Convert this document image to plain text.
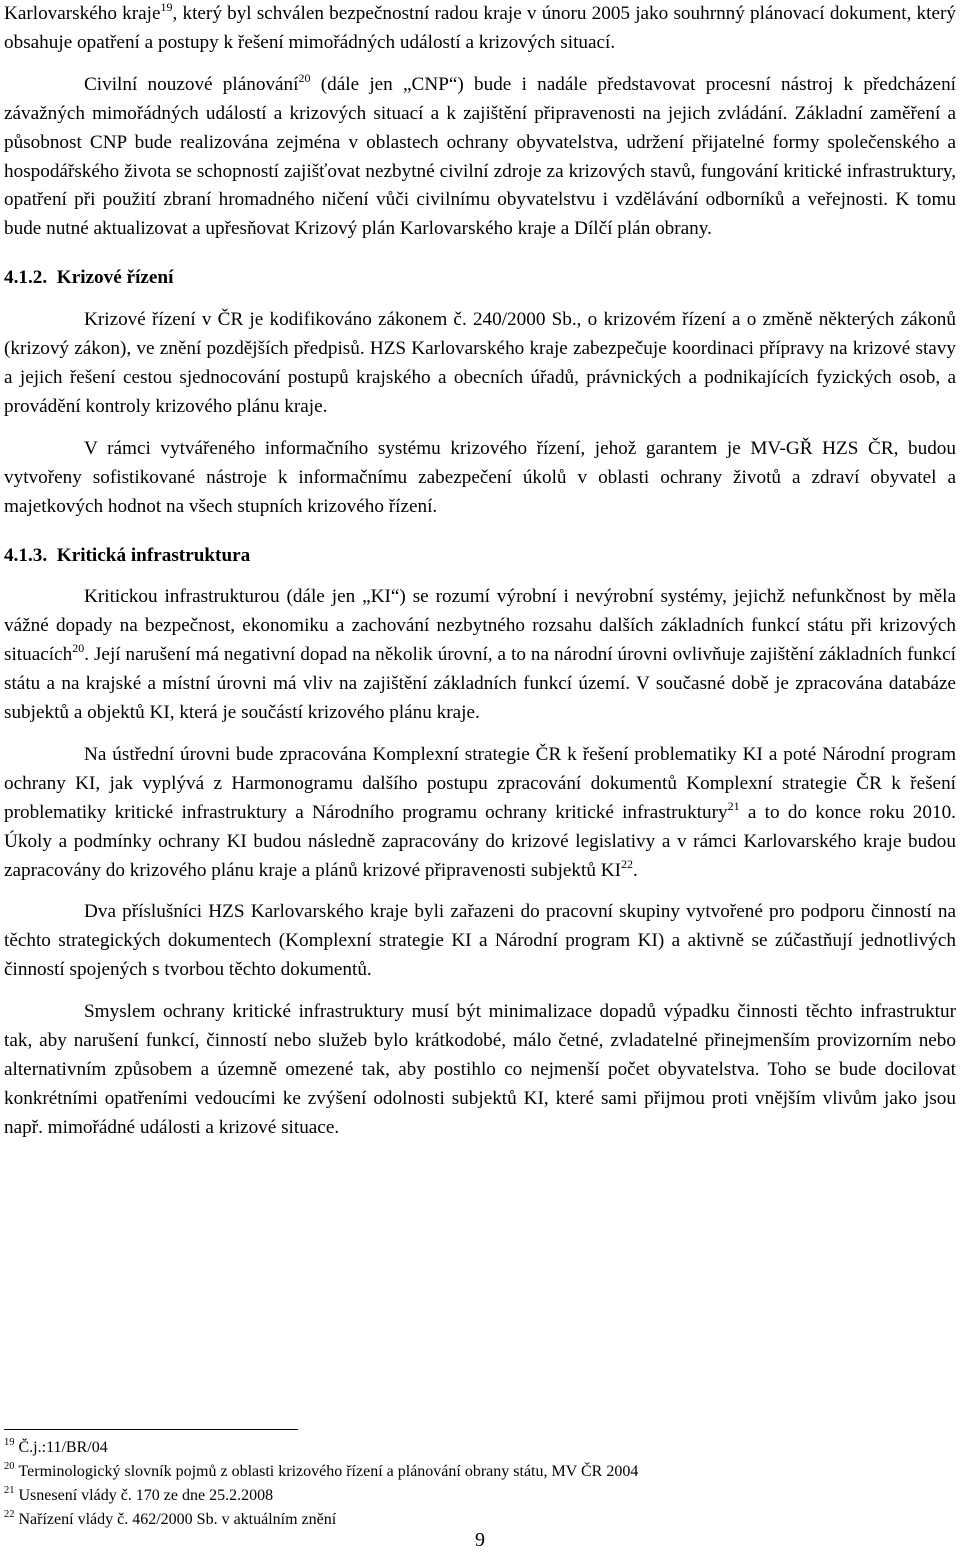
Karlovarského kraje$^{19}$, který byl schválen bezpečnostní radou kraje v únoru 2005 jako souhrnný plánovací dokument, který obsahuje opatření a postupy k řešení mimořádných událostí a krizových situací.

Civilní nouzové plánování$^{20}$ (dále jen „CNP“) bude i nadále představovat procesní nástroj k předcházení závažných mimořádných událostí a krizových situací a k zajištění připravenosti na jejich zvládání. Základní zaměření a působnost CNP bude realizována zejména v oblastech ochrany obyvatelstva, udržení přijatelné formy společenského a hospodářského života se schopností zajišťovat nezbytné civilní zdroje za krizových stavů, fungování kritické infrastruktury, opatření při použití zbraní hromadného ničení vůči civilnímu obyvatelstvu i vzdělávání odborníků a veřejnosti. K tomu bude nutné aktualizovat a upřesňovat Krizový plán Karlovarského kraje a Dílčí plán obrany.

4.1.2.  Krizové řízení

Krizové řízení v ČR je kodifikováno zákonem č. 240/2000 Sb., o krizovém řízení a o změně některých zákonů (krizový zákon), ve znění pozdějších předpisů. HZS Karlovarského kraje zabezpečuje koordinaci přípravy na krizové stavy a jejich řešení cestou sjednocování postupů krajského a obecních úřadů, právnických a podnikajících fyzických osob, a provádění kontroly krizového plánu kraje.

V rámci vytvářeného informačního systému krizového řízení, jehož garantem je MV-GŘ HZS ČR, budou vytvořeny sofistikované nástroje k informačnímu zabezpečení úkolů v oblasti ochrany životů a zdraví obyvatel a majetkových hodnot na všech stupních krizového řízení.

4.1.3.  Kritická infrastruktura

Kritickou infrastrukturou (dále jen „KI“) se rozumí výrobní i nevýrobní systémy, jejichž nefunkčnost by měla vážné dopady na bezpečnost, ekonomiku a zachování nezbytného rozsahu dalších základních funkcí státu při krizových situacích$^{20}$. Její narušení má negativní dopad na několik úrovní, a to na národní úrovni ovlivňuje zajištění základních funkcí státu a na krajské a místní úrovni má vliv na zajištění základních funkcí území. V současné době je zpracována databáze subjektů a objektů KI, která je součástí krizového plánu kraje.

Na ústřední úrovni bude zpracována Komplexní strategie ČR k řešení problematiky KI a poté Národní program ochrany KI, jak vyplývá z Harmonogramu dalšího postupu zpracování dokumentů Komplexní strategie ČR k řešení problematiky kritické infrastruktury a Národního programu ochrany kritické infrastruktury$^{21}$ a to do konce roku 2010. Úkoly a podmínky ochrany KI budou následně zapracovány do krizové legislativy a v rámci Karlovarského kraje budou zapracovány do krizového plánu kraje a plánů krizové připravenosti subjektů KI$^{22}$.

Dva příslušníci HZS Karlovarského kraje byli zařazeni do pracovní skupiny vytvořené pro podporu činností na těchto strategických dokumentech (Komplexní strategie KI a Národní program KI) a aktivně se zúčastňují jednotlivých činností spojených s tvorbou těchto dokumentů.

Smyslem ochrany kritické infrastruktury musí být minimalizace dopadů výpadku činnosti těchto infrastruktur tak, aby narušení funkcí, činností nebo služeb bylo krátkodobé, málo četné, zvladatelné přinejmenším provizorním nebo alternativním způsobem a územně omezené tak, aby postihlo co nejmenší počet obyvatelstva. Toho se bude docilovat konkrétními opatřeními vedoucími ke zvýšení odolnosti subjektů KI, které sami přijmou proti vnějším vlivům jako jsou např. mimořádné události a krizové situace.

$^{19}$ Č.j.:11/BR/04

$^{20}$ Terminologický slovník pojmů z oblasti krizového řízení a plánování obrany státu, MV ČR 2004

$^{21}$ Usnesení vlády č. 170 ze dne 25.2.2008

$^{22}$ Nařízení vlády č. 462/2000 Sb. v aktuálním znění

9
